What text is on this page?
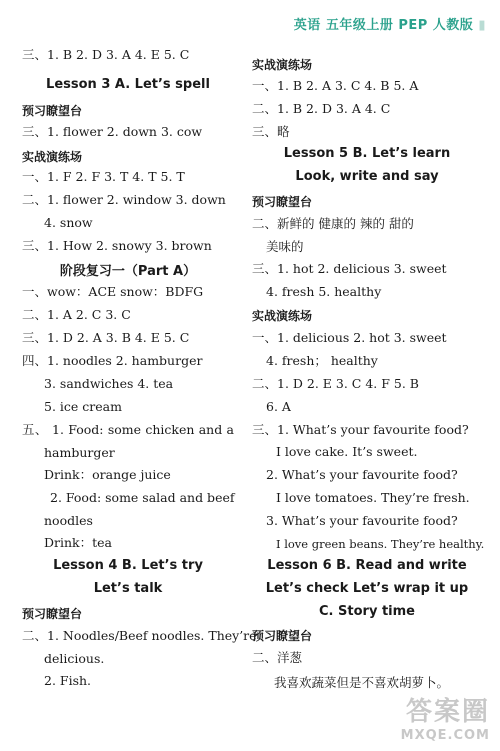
英语 五年级上册 PEP 人教版 ▮
三、1. B 2. D 3. A 4. E 5. C
Lesson 3 A. Let’s spell
预习瞭望台
三、1. flower 2. down 3. cow
实战演练场
一、1. F 2. F 3. T 4. T 5. T
二、1. flower 2. window 3. down
4. snow
三、1. How 2. snowy 3. brown
阶段复习一（Part A）
一、wow：ACE snow：BDFG
二、1. A 2. C 3. C
三、1. D 2. A 3. B 4. E 5. C
四、1. noodles 2. hamburger
3. sandwiches 4. tea
5. ice cream
五、 1. Food: some chicken and a
hamburger
Drink：orange juice
2. Food: some salad and beef
noodles
Drink：tea
Lesson 4 B. Let’s try
Let’s talk
预习瞭望台
二、1. Noodles/Beef noodles. They’re
delicious.
2. Fish.
实战演练场
一、1. B 2. A 3. C 4. B 5. A
二、1. B 2. D 3. A 4. C
三、略
Lesson 5 B. Let’s learn
Look, write and say
预习瞭望台
二、新鲜的 健康的 辣的 甜的
美味的
三、1. hot 2. delicious 3. sweet
4. fresh 5. healthy
实战演练场
一、1. delicious 2. hot 3. sweet
4. fresh； healthy
二、1. D 2. E 3. C 4. F 5. B
6. A
三、1. What’s your favourite food?
I love cake. It’s sweet.
2. What’s your favourite food?
I love tomatoes. They’re fresh.
3. What’s your favourite food?
I love green beans. They’re healthy.
Lesson 6 B. Read and write
Let’s check Let’s wrap it up
C. Story time
预习瞭望台
二、洋葱
我喜欢蔬菜但是不喜欢胡萝卜。
答案圈
MXQE.COM
